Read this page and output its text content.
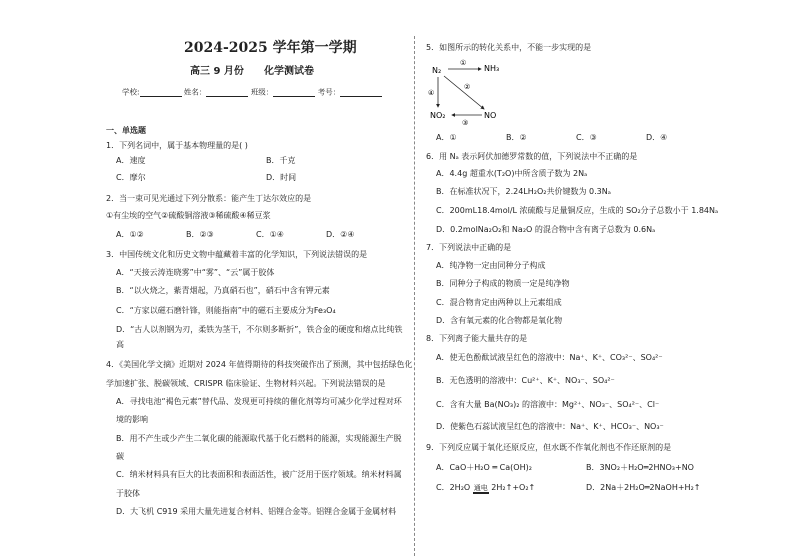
2024-2025 学年第一学期
高三 9 月份 化学测试卷
学校:	姓名：	班级：	考号：
一、单选题
1．下列名词中，属于基本物理量的是( )
A．速度	B．千克
C．摩尔	D．时间
2．当一束可见光通过下列分散系：能产生丁达尔效应的是
①有尘埃的空气②硫酸铜溶液③稀硫酸④稀豆浆
A．①②	B．②③	C．①④	D．②④
3．中国传统文化和历史文物中蕴藏着丰富的化学知识，下列说法错误的是
A．“天接云涛连晓雾”中“雾”、“云”属于胶体
B．“以火烧之，紫青烟起，乃真硝石也”，硝石中含有钾元素
C．“方家以磁石磨针锋，则能指南”中的磁石主要成分为Fe₃O₄
D．“古人以剂钢为刃，柔铁为茎干，不尔则多断折”，铁合金的硬度和熔点比纯铁
高
4．《美国化学文摘》近期对 2024 年值得期待的科技突破作出了预测，其中包括绿色化
学加速扩张、脱碳领域、CRISPR 临床验证、生物材料兴起。下列说法错误的是
A．寻找电池“褐色元素”替代品、发现更可持续的催化剂等均可减少化学过程对环
境的影响
B．用不产生或少产生二氧化碳的能源取代基于化石燃料的能源，实现能源生产脱
碳
C．纳米材料具有巨大的比表面积和表面活性，被广泛用于医疗领域。纳米材料属
于胶体
D．大飞机 C919 采用大量先进复合材料、铝锂合金等。铝锂合金属于金属材料
5．如图所示的转化关系中，不能一步实现的是
N₂	NH₃
NO₂	NO
①
②
③
④
A．①	B．②	C．③	D．④
6．用 Nₐ 表示阿伏加德罗常数的值，下列说法中不正确的是
A．4.4g 超重水(T₂O)中所含质子数为 2Nₐ
B．在标准状况下，2.24LH₂O₂共价键数为 0.3Nₐ
C．200mL18.4mol/L 浓硫酸与足量铜反应，生成的 SO₂分子总数小于 1.84Nₐ
D．0.2molNa₂O₂和 Na₂O 的混合物中含有离子总数为 0.6Nₐ
7．下列说法中正确的是
A．纯净物一定由同种分子构成
B．同种分子构成的物质一定是纯净物
C．混合物肯定由两种以上元素组成
D．含有氧元素的化合物都是氧化物
8．下列离子能大量共存的是
A．使无色酚酞试液呈红色的溶液中：Na⁺、K⁺、CO₃²⁻、SO₄²⁻
B．无色透明的溶液中：Cu²⁺、K⁺、NO₃⁻、SO₄²⁻
C．含有大量 Ba(NO₃)₂ 的溶液中：Mg²⁺、NO₃⁻、SO₄²⁻、Cl⁻
D．使紫色石蕊试液呈红色的溶液中：Na⁺、K⁺、HCO₃⁻、NO₃⁻
9．下列反应属于氧化还原反应，但水既不作氧化剂也不作还原剂的是
A．CaO＋H₂O ═ Ca(OH)₂	B．3NO₂＋H₂O═2HNO₃+NO
C．2H₂O 通电 2H₂↑+O₂↑	D．2Na＋2H₂O═2NaOH+H₂↑
